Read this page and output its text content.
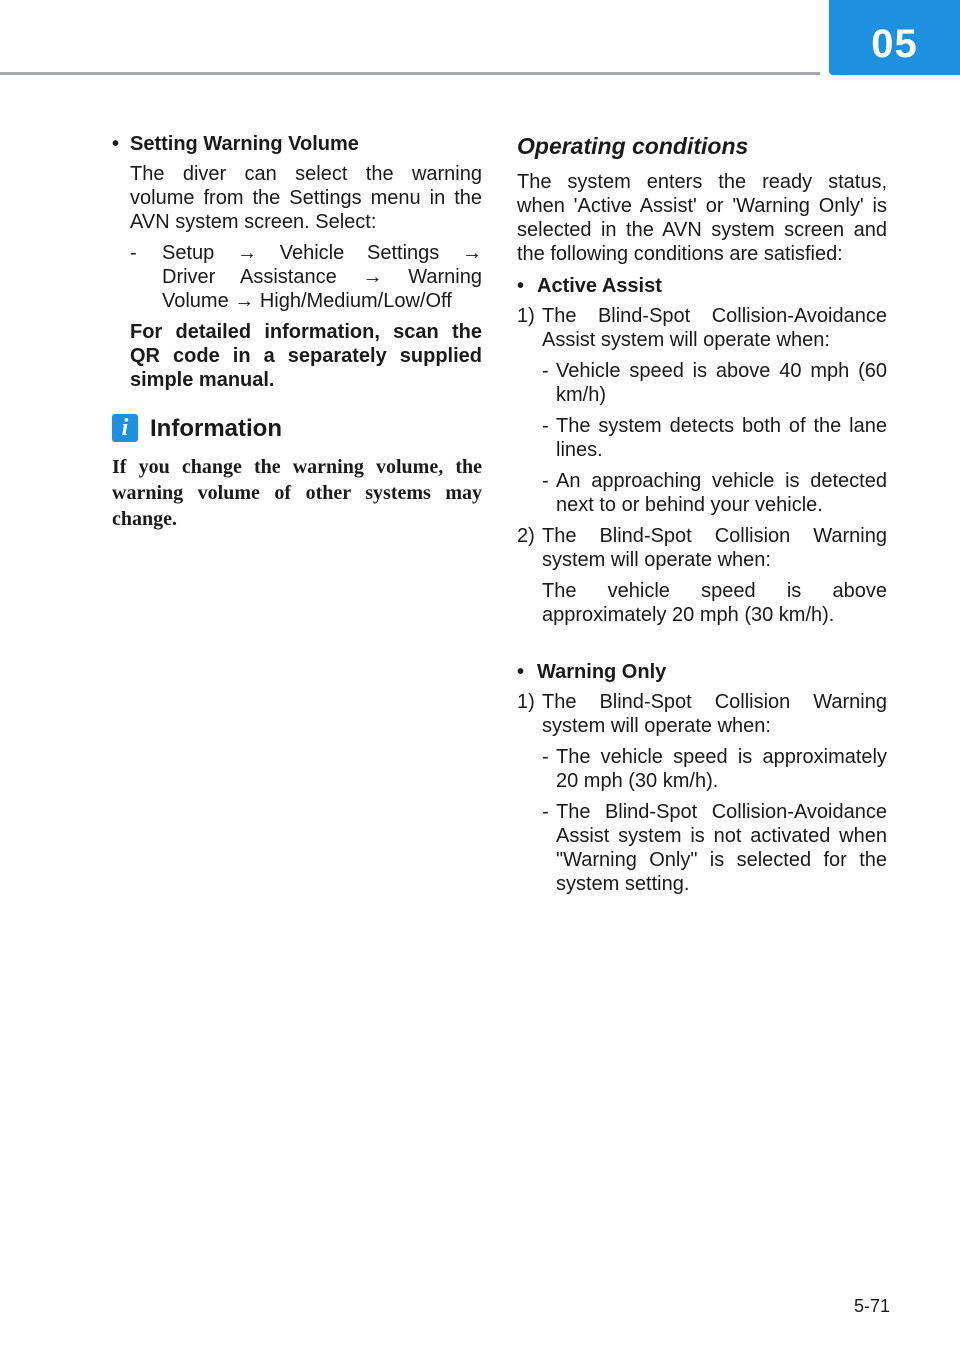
05
• Setting Warning Volume
The diver can select the warning volume from the Settings menu in the AVN system screen. Select:
- Setup → Vehicle Settings →
Driver Assistance → Warning
Volume → High/Medium/Low/Off
For detailed information, scan the QR code in a separately supplied simple manual.
i Information
If you change the warning volume, the warning volume of other systems may change.
Operating conditions
The system enters the ready status, when 'Active Assist' or 'Warning Only' is selected in the AVN system screen and the following conditions are satisfied:
• Active Assist
1) The Blind-Spot Collision-Avoidance Assist system will operate when:
- Vehicle speed is above 40 mph (60 km/h)
- The system detects both of the lane lines.
- An approaching vehicle is detected next to or behind your vehicle.
2) The Blind-Spot Collision Warning system will operate when:
The vehicle speed is above approximately 20 mph (30 km/h).
• Warning Only
1) The Blind-Spot Collision Warning system will operate when:
- The vehicle speed is approximately 20 mph (30 km/h).
- The Blind-Spot Collision-Avoidance Assist system is not activated when "Warning Only" is selected for the system setting.
5-71
